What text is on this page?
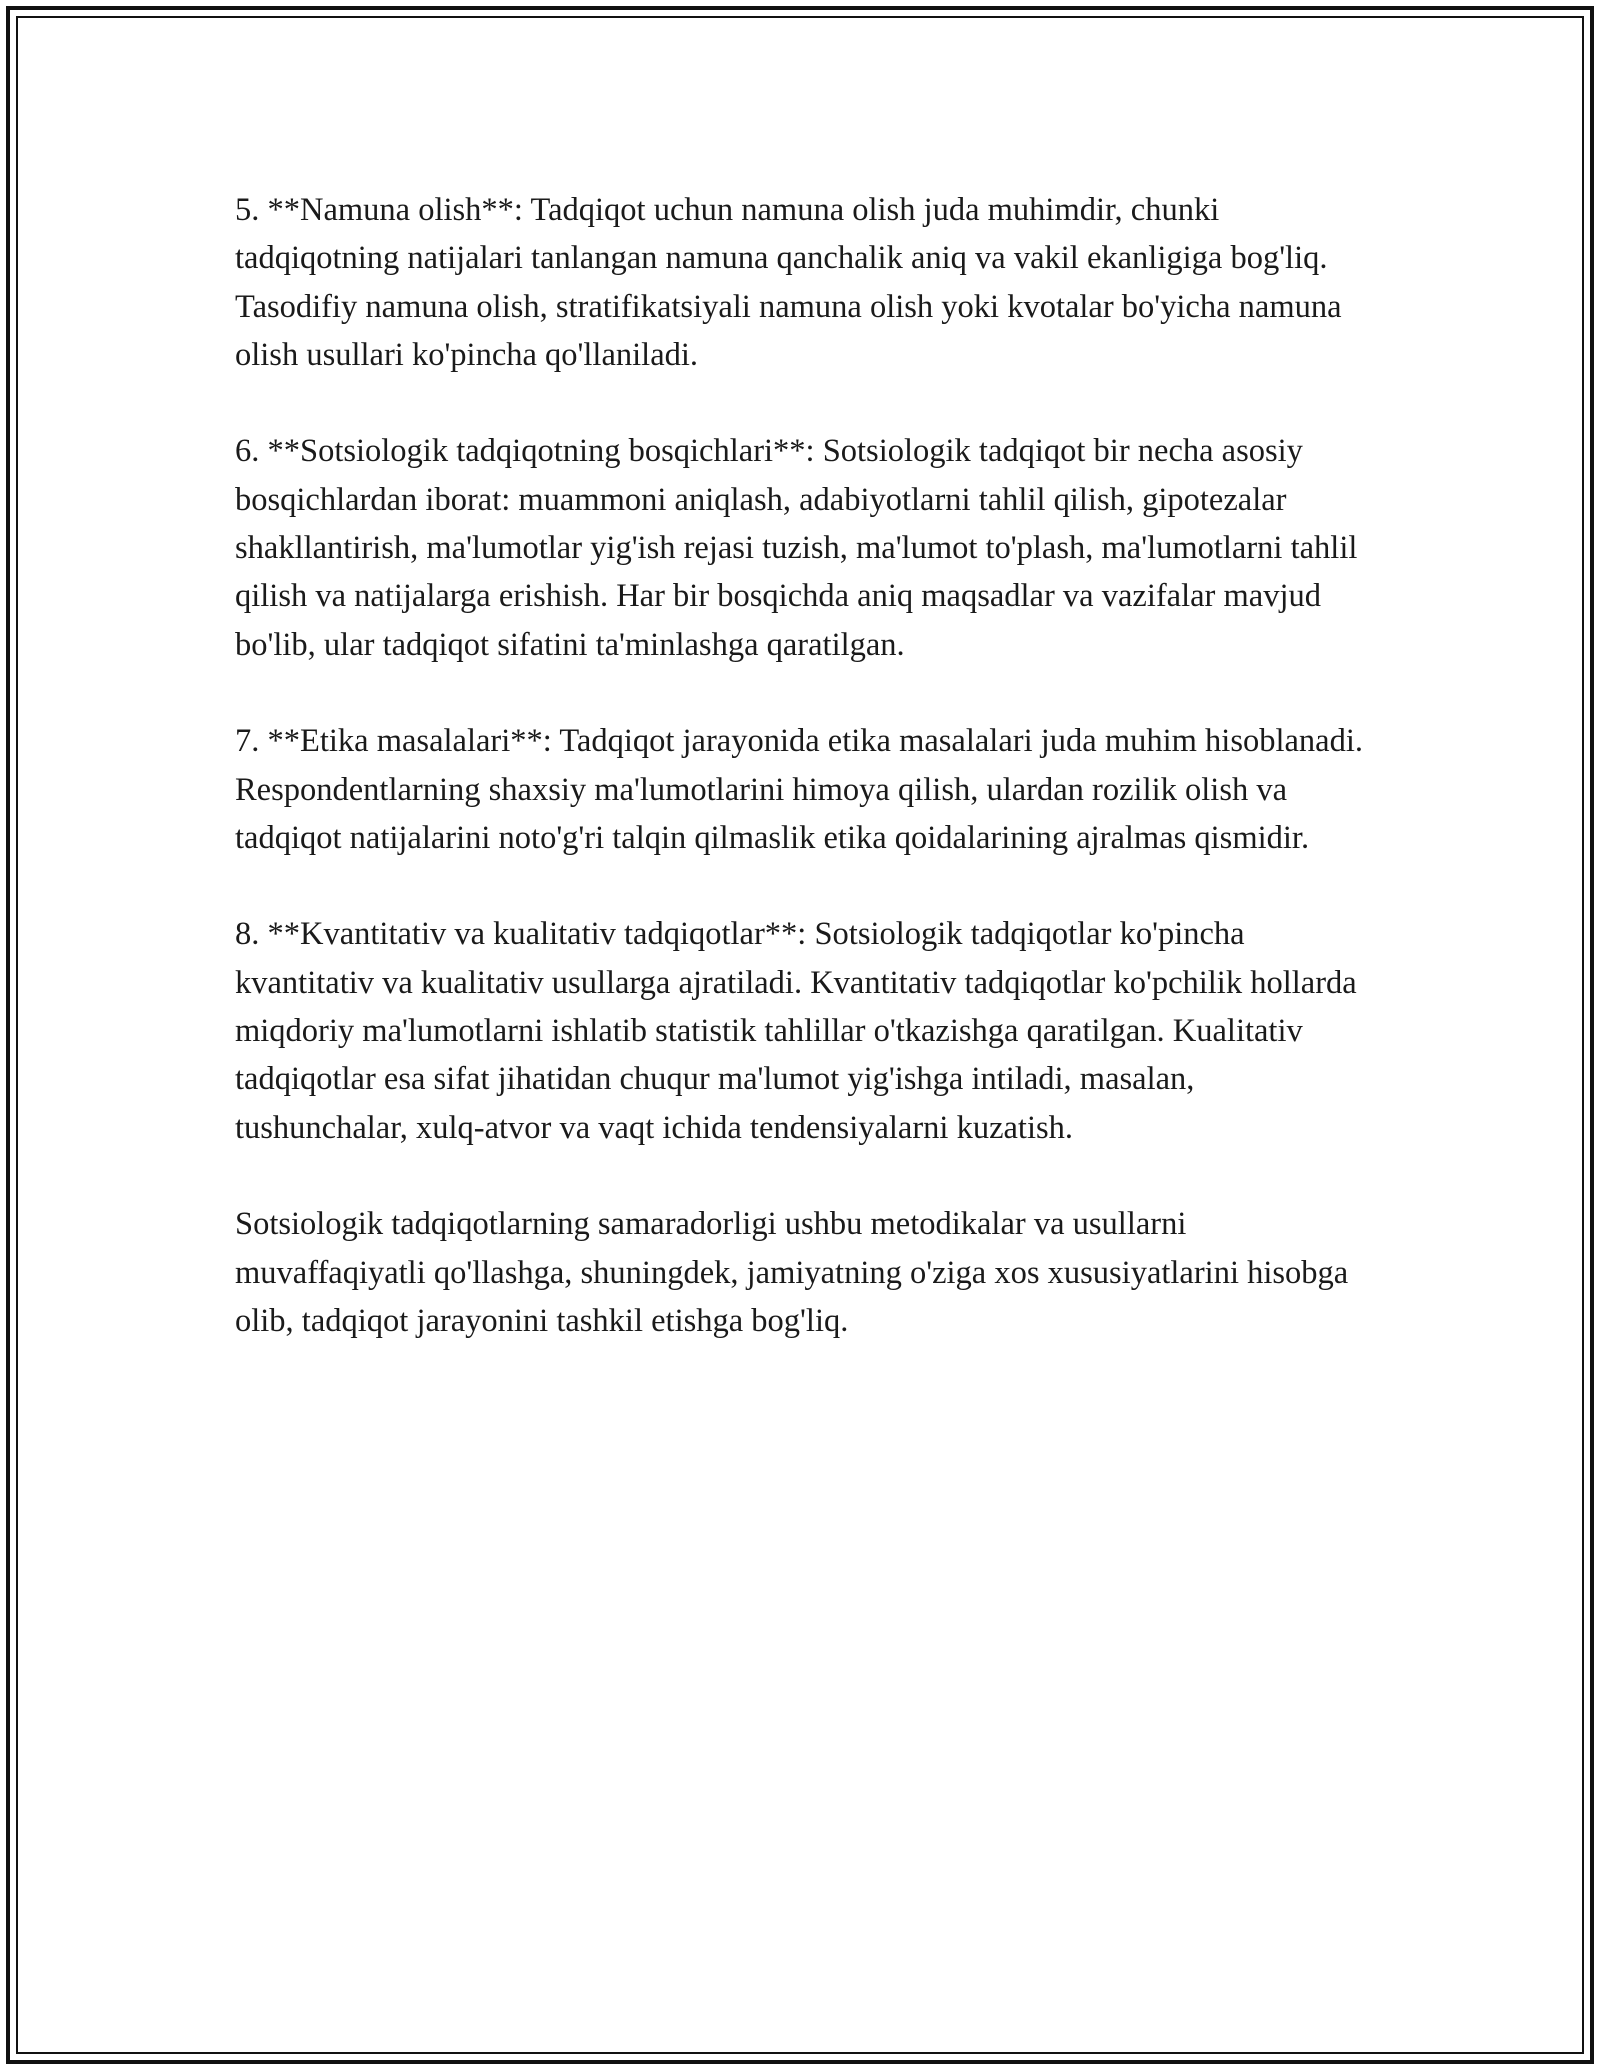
5. **Namuna olish**: Tadqiqot uchun namuna olish juda muhimdir, chunki tadqiqotning natijalari tanlangan namuna qanchalik aniq va vakil ekanligiga bog'liq. Tasodifiy namuna olish, stratifikatsiyali namuna olish yoki kvotalar bo'yicha namuna olish usullari ko'pincha qo'llaniladi.

6. **Sotsiologik tadqiqotning bosqichlari**: Sotsiologik tadqiqot bir necha asosiy bosqichlardan iborat: muammoni aniqlash, adabiyotlarni tahlil qilish, gipotezalar shakllantirish, ma'lumotlar yig'ish rejasi tuzish, ma'lumot to'plash, ma'lumotlarni tahlil qilish va natijalarga erishish. Har bir bosqichda aniq maqsadlar va vazifalar mavjud bo'lib, ular tadqiqot sifatini ta'minlashga qaratilgan.

7. **Etika masalalari**: Tadqiqot jarayonida etika masalalari juda muhim hisoblanadi. Respondentlarning shaxsiy ma'lumotlarini himoya qilish, ulardan rozilik olish va tadqiqot natijalarini noto'g'ri talqin qilmaslik etika qoidalarining ajralmas qismidir.

8. **Kvantitativ va kualitativ tadqiqotlar**: Sotsiologik tadqiqotlar ko'pincha kvantitativ va kualitativ usullarga ajratiladi. Kvantitativ tadqiqotlar ko'pchilik hollarda miqdoriy ma'lumotlarni ishlatib statistik tahlillar o'tkazishga qaratilgan. Kualitativ tadqiqotlar esa sifat jihatidan chuqur ma'lumot yig'ishga intiladi, masalan, tushunchalar, xulq-atvor va vaqt ichida tendensiyalarni kuzatish.

Sotsiologik tadqiqotlarning samaradorligi ushbu metodikalar va usullarni muvaffaqiyatli qo'llashga, shuningdek, jamiyatning o'ziga xos xususiyatlarini hisobga olib, tadqiqot jarayonini tashkil etishga bog'liq.
